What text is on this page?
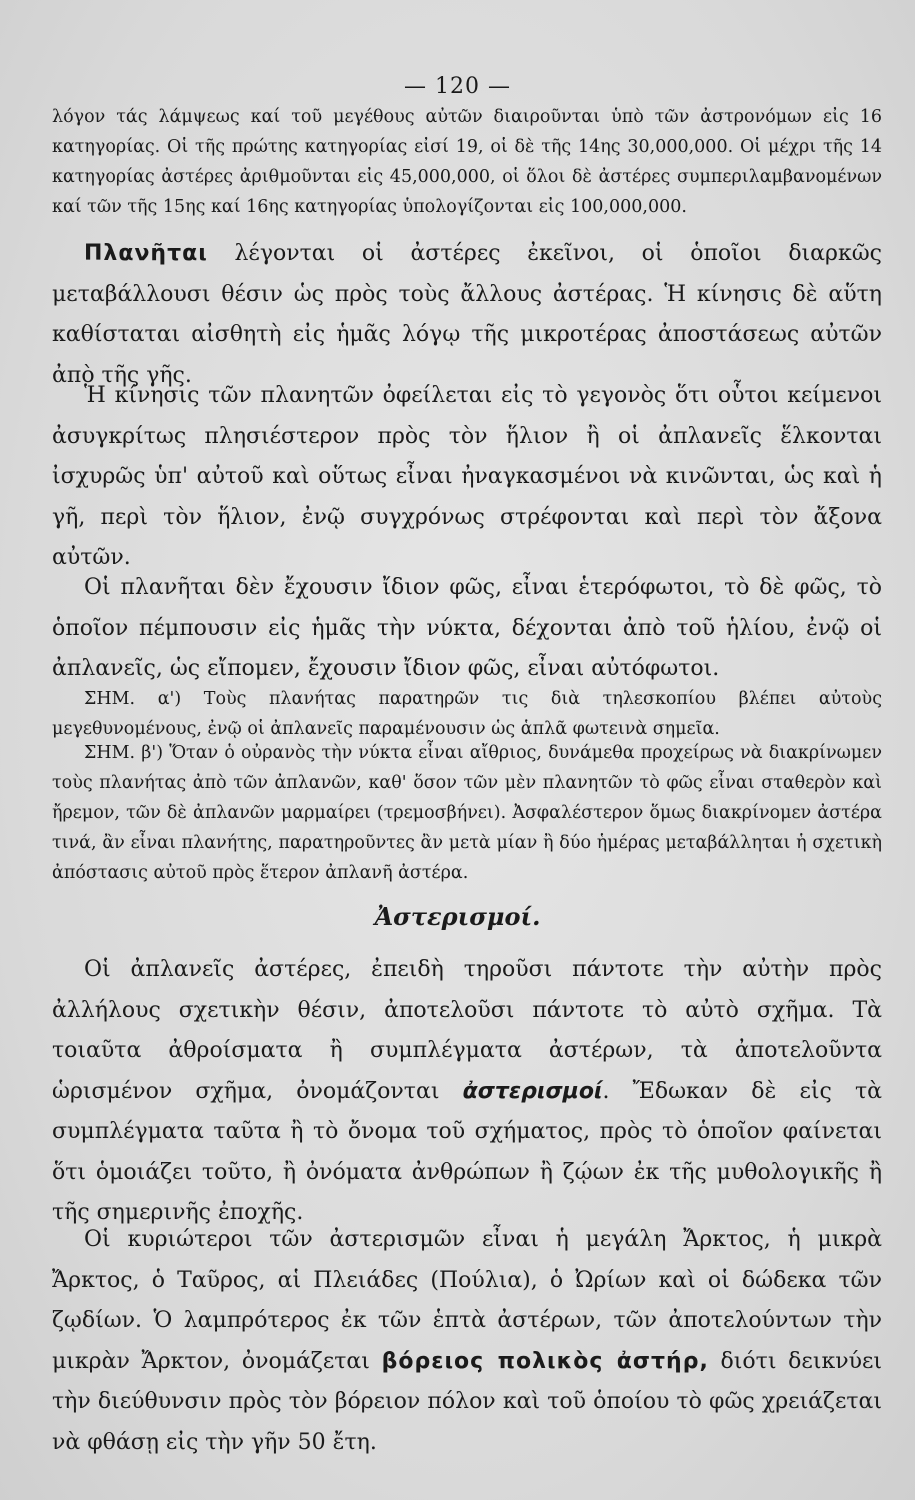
— 120 —

λόγον τάς λάμψεως καί τοῦ μεγέθους αὐτῶν διαιροῦνται ὑπὸ τῶν ἀστρονόμων εἰς 16 κατηγορίας. Οἱ τῆς πρώτης κατηγορίας εἰσί 19, οἱ δὲ τῆς 14ης 30,000,000. Οἱ μέχρι τῆς 14 κατηγορίας ἀστέρες ἀριθμοῦνται εἰς 45,000,000, οἱ ὅλοι δὲ ἀστέρες συμπεριλαμβανομένων καί τῶν τῆς 15ης καί 16ης κατηγορίας ὑπολογίζονται εἰς 100,000,000.

Πλανῆται λέγονται οἱ ἀστέρες ἐκεῖνοι, οἱ ὁποῖοι διαρκῶς μεταβάλλουσι θέσιν ὡς πρὸς τοὺς ἄλλους ἀστέρας. Ἡ κίνησις δὲ αὕτη καθίσταται αἰσθητὴ εἰς ἡμᾶς λόγῳ τῆς μικροτέρας ἀποστάσεως αὐτῶν ἀπὸ τῆς γῆς.

Ἡ κίνησις τῶν πλανητῶν ὀφείλεται εἰς τὸ γεγονὸς ὅτι οὗτοι κείμενοι ἀσυγκρίτως πλησιέστερον πρὸς τὸν ἥλιον ἢ οἱ ἀπλανεῖς ἕλκονται ἰσχυρῶς ὑπ' αὐτοῦ καὶ οὕτως εἶναι ἠναγκασμένοι νὰ κινῶνται, ὡς καὶ ἡ γῆ, περὶ τὸν ἥλιον, ἐνῷ συγχρόνως στρέφονται καὶ περὶ τὸν ἄξονα αὐτῶν.

Οἱ πλανῆται δὲν ἔχουσιν ἴδιον φῶς, εἶναι ἑτερόφωτοι, τὸ δὲ φῶς, τὸ ὁποῖον πέμπουσιν εἰς ἡμᾶς τὴν νύκτα, δέχονται ἀπὸ τοῦ ἡλίου, ἐνῷ οἱ ἀπλανεῖς, ὡς εἴπομεν, ἔχουσιν ἴδιον φῶς, εἶναι αὐτόφωτοι.

ΣΗΜ. α') Τοὺς πλανήτας παρατηρῶν τις διὰ τηλεσκοπίου βλέπει αὐτοὺς μεγεθυνομένους, ἐνῷ οἱ ἀπλανεῖς παραμένουσιν ὡς ἁπλᾶ φωτεινὰ σημεῖα.

ΣΗΜ. β') Ὅταν ὁ οὐρανὸς τὴν νύκτα εἶναι αἴθριος, δυνάμεθα προχείρως νὰ διακρίνωμεν τοὺς πλανήτας ἀπὸ τῶν ἀπλανῶν, καθ' ὅσον τῶν μὲν πλανητῶν τὸ φῶς εἶναι σταθερὸν καὶ ἤρεμον, τῶν δὲ ἀπλανῶν μαρμαίρει (τρεμοσβήνει). Ἀσφαλέστερον ὅμως διακρίνομεν ἀστέρα τινά, ἂν εἶναι πλανήτης, παρατηροῦντες ἂν μετὰ μίαν ἢ δύο ἡμέρας μεταβάλληται ἡ σχετικὴ ἀπόστασις αὐτοῦ πρὸς ἕτερον ἀπλανῆ ἀστέρα.

Ἀστερισμοί.

Οἱ ἀπλανεῖς ἀστέρες, ἐπειδὴ τηροῦσι πάντοτε τὴν αὐτὴν πρὸς ἀλλήλους σχετικὴν θέσιν, ἀποτελοῦσι πάντοτε τὸ αὐτὸ σχῆμα. Τὰ τοιαῦτα ἀθροίσματα ἢ συμπλέγματα ἀστέρων, τὰ ἀποτελοῦντα ὡρισμένον σχῆμα, ὀνομάζονται ἀστερισμοί. Ἔδωκαν δὲ εἰς τὰ συμπλέγματα ταῦτα ἢ τὸ ὄνομα τοῦ σχήματος, πρὸς τὸ ὁποῖον φαίνεται ὅτι ὁμοιάζει τοῦτο, ἢ ὀνόματα ἀνθρώπων ἢ ζῴων ἐκ τῆς μυθολογικῆς ἢ τῆς σημερινῆς ἐποχῆς.

Οἱ κυριώτεροι τῶν ἀστερισμῶν εἶναι ἡ μεγάλη Ἄρκτος, ἡ μικρὰ Ἄρκτος, ὁ Ταῦρος, αἱ Πλειάδες (Πούλια), ὁ Ὠρίων καὶ οἱ δώδεκα τῶν ζῳδίων. Ὁ λαμπρότερος ἐκ τῶν ἑπτὰ ἀστέρων, τῶν ἀποτελούντων τὴν μικρὰν Ἄρκτον, ὀνομάζεται βόρειος πολικὸς ἀστήρ, διότι δεικνύει τὴν διεύθυνσιν πρὸς τὸν βόρειον πόλον καὶ τοῦ ὁποίου τὸ φῶς χρειάζεται νὰ φθάσῃ εἰς τὴν γῆν 50 ἔτη.
